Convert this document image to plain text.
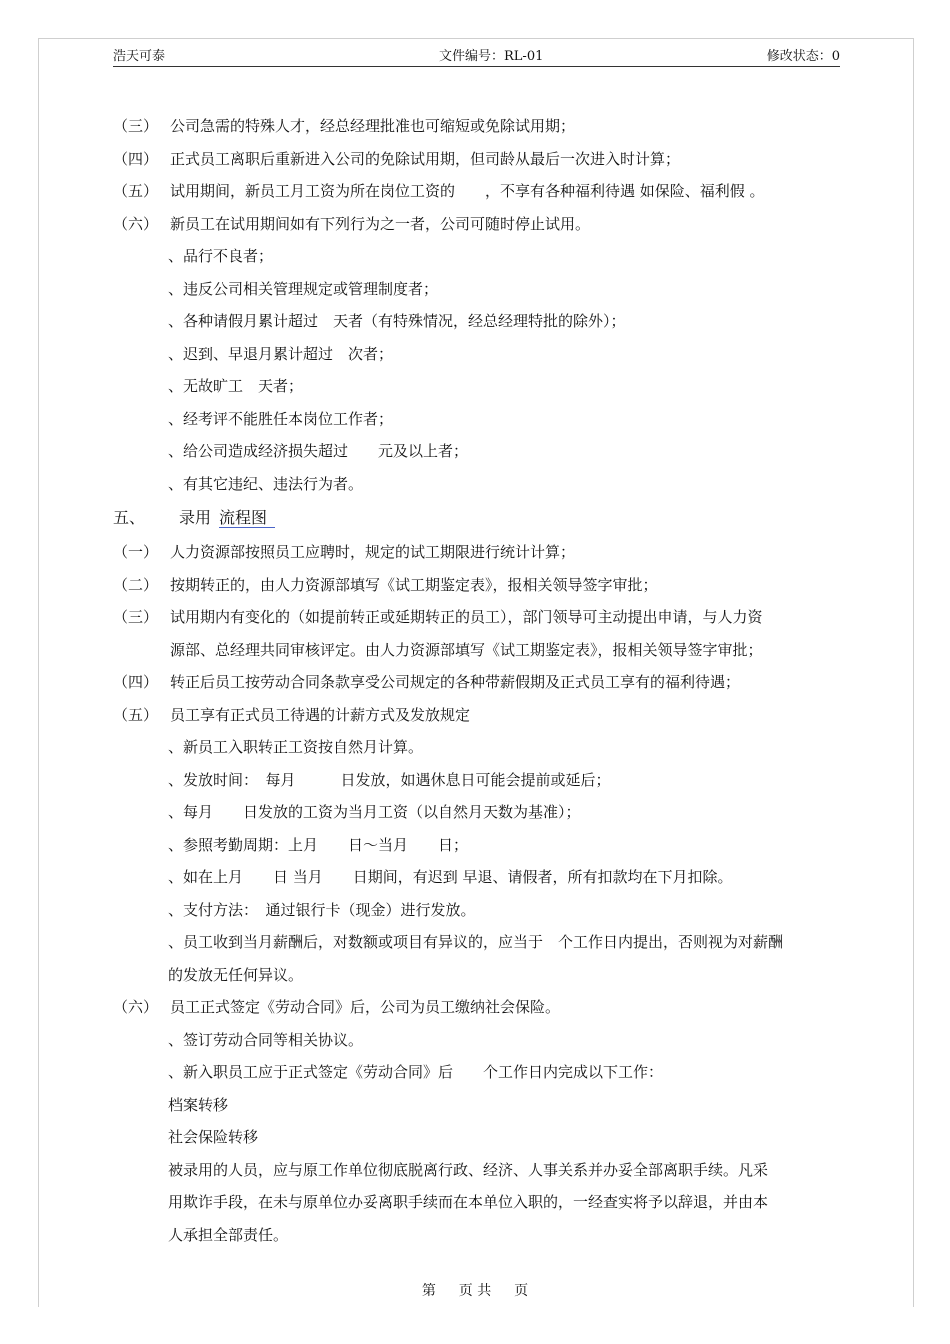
浩天可泰	文件编号：RL-01	修改状态：0
（三） 公司急需的特殊人才，经总经理批准也可缩短或免除试用期；
（四） 正式员工离职后重新进入公司的免除试用期，但司龄从最后一次进入时计算；
（五） 试用期间，新员工月工资为所在岗位工资的　　，不享有各种福利待遇 如保险、福利假 。
（六） 新员工在试用期间如有下列行为之一者，公司可随时停止试用。
、品行不良者；
、违反公司相关管理规定或管理制度者；
、各种请假月累计超过　天者（有特殊情况，经总经理特批的除外）；
、迟到、早退月累计超过　次者；
、无故旷工　天者；
、经考评不能胜任本岗位工作者；
、给公司造成经济损失超过　　元及以上者；
、有其它违纪、违法行为者。
五、 录用 流程图
（一） 人力资源部按照员工应聘时，规定的试工期限进行统计计算；
（二） 按期转正的，由人力资源部填写《试工期鉴定表》，报相关领导签字审批；
（三） 试用期内有变化的（如提前转正或延期转正的员工），部门领导可主动提出申请，与人力资
源部、总经理共同审核评定。由人力资源部填写《试工期鉴定表》，报相关领导签字审批；
（四） 转正后员工按劳动合同条款享受公司规定的各种带薪假期及正式员工享有的福利待遇；
（五） 员工享有正式员工待遇的计薪方式及发放规定
、新员工入职转正工资按自然月计算。
、发放时间：　每月　　　日发放，如遇休息日可能会提前或延后；
、每月　　日发放的工资为当月工资（以自然月天数为基准）；
、参照考勤周期：上月　　日～当月　　日；
、如在上月　　日 当月　　日期间，有迟到 早退、请假者，所有扣款均在下月扣除。
、支付方法：　通过银行卡（现金）进行发放。
、员工收到当月薪酬后，对数额或项目有异议的，应当于　个工作日内提出，否则视为对薪酬
的发放无任何异议。
（六） 员工正式签定《劳动合同》后，公司为员工缴纳社会保险。
、签订劳动合同等相关协议。
、新入职员工应于正式签定《劳动合同》后　　个工作日内完成以下工作：
档案转移
社会保险转移
被录用的人员，应与原工作单位彻底脱离行政、经济、人事关系并办妥全部离职手续。凡采
用欺诈手段，在未与原单位办妥离职手续而在本单位入职的，一经查实将予以辞退，并由本
人承担全部责任。
第　  页 共　  页
